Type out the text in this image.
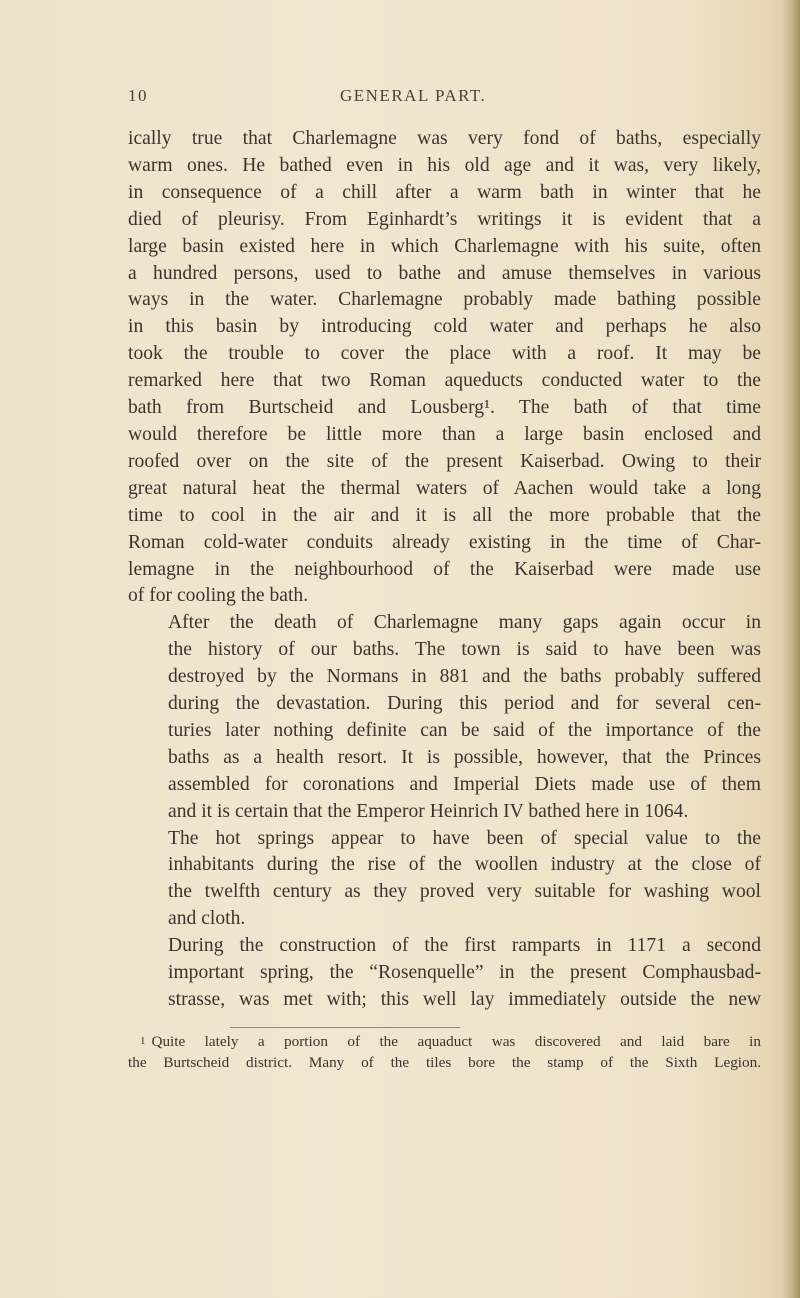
10	GENERAL PART.

ically true that Charlemagne was very fond of baths, especially
warm ones. He bathed even in his old age and it was, very likely,
in consequence of a chill after a warm bath in winter that he
died of pleurisy. From Eginhardt’s writings it is evident that a
large basin existed here in which Charlemagne with his suite, often
a hundred persons, used to bathe and amuse themselves in various
ways in the water. Charlemagne probably made bathing possible
in this basin by introducing cold water and perhaps he also
took the trouble to cover the place with a roof. It may be
remarked here that two Roman aqueducts conducted water to the
bath from Burtscheid and Lousberg¹. The bath of that time
would therefore be little more than a large basin enclosed and
roofed over on the site of the present Kaiserbad. Owing to their
great natural heat the thermal waters of Aachen would take a long
time to cool in the air and it is all the more probable that the
Roman cold-water conduits already existing in the time of Char-
lemagne in the neighbourhood of the Kaiserbad were made use
of for cooling the bath.

After the death of Charlemagne many gaps again occur in
the history of our baths. The town is said to have been was
destroyed by the Normans in 881 and the baths probably suffered
during the devastation. During this period and for several cen-
turies later nothing definite can be said of the importance of the
baths as a health resort. It is possible, however, that the Princes
assembled for coronations and Imperial Diets made use of them
and it is certain that the Emperor Heinrich IV bathed here in 1064.

The hot springs appear to have been of special value to the
inhabitants during the rise of the woollen industry at the close of
the twelfth century as they proved very suitable for washing wool
and cloth.

During the construction of the first ramparts in 1171 a second
important spring, the “Rosenquelle” in the present Comphausbad-
strasse, was met with; this well lay immediately outside the new

1 Quite lately a portion of the aquaduct was discovered and laid bare in
the Burtscheid district. Many of the tiles bore the stamp of the Sixth Legion.
